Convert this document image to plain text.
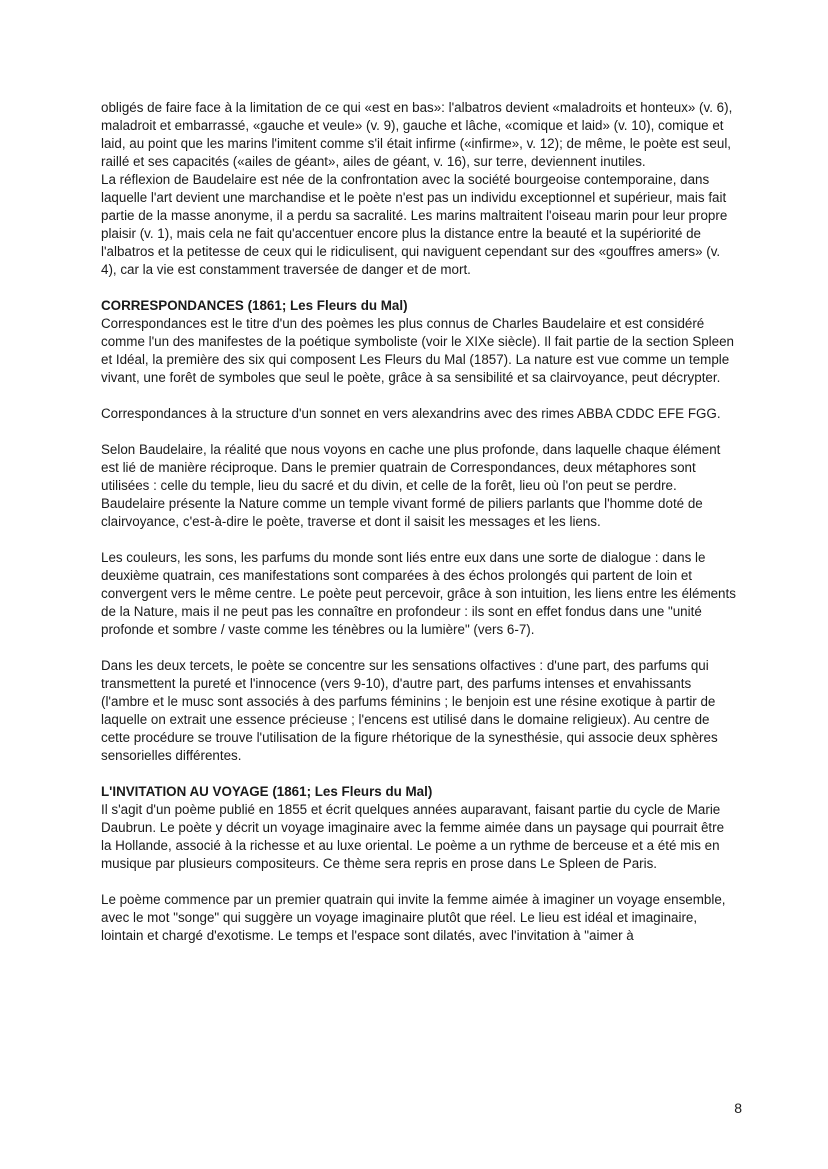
obligés de faire face à la limitation de ce qui «est en bas»: l'albatros devient «maladroits et honteux» (v. 6), maladroit et embarrassé, «gauche et veule» (v. 9), gauche et lâche, «comique et laid» (v. 10), comique et laid, au point que les marins l'imitent comme s'il était infirme («infirme», v. 12); de même, le poète est seul, raillé et ses capacités («ailes de géant», ailes de géant, v. 16), sur terre, deviennent inutiles.

La réflexion de Baudelaire est née de la confrontation avec la société bourgeoise contemporaine, dans laquelle l'art devient une marchandise et le poète n'est pas un individu exceptionnel et supérieur, mais fait partie de la masse anonyme, il a perdu sa sacralité. Les marins maltraitent l'oiseau marin pour leur propre plaisir (v. 1), mais cela ne fait qu'accentuer encore plus la distance entre la beauté et la supériorité de l'albatros et la petitesse de ceux qui le ridiculisent, qui naviguent cependant sur des «gouffres amers» (v. 4), car la vie est constamment traversée de danger et de mort.

CORRESPONDANCES (1861; Les Fleurs du Mal)

Correspondances est le titre d'un des poèmes les plus connus de Charles Baudelaire et est considéré comme l'un des manifestes de la poétique symboliste (voir le XIXe siècle). Il fait partie de la section Spleen et Idéal, la première des six qui composent Les Fleurs du Mal (1857). La nature est vue comme un temple vivant, une forêt de symboles que seul le poète, grâce à sa sensibilité et sa clairvoyance, peut décrypter.

Correspondances à la structure d'un sonnet en vers alexandrins avec des rimes ABBA CDDC EFE FGG.

Selon Baudelaire, la réalité que nous voyons en cache une plus profonde, dans laquelle chaque élément est lié de manière réciproque. Dans le premier quatrain de Correspondances, deux métaphores sont utilisées : celle du temple, lieu du sacré et du divin, et celle de la forêt, lieu où l'on peut se perdre. Baudelaire présente la Nature comme un temple vivant formé de piliers parlants que l'homme doté de clairvoyance, c'est-à-dire le poète, traverse et dont il saisit les messages et les liens.

Les couleurs, les sons, les parfums du monde sont liés entre eux dans une sorte de dialogue : dans le deuxième quatrain, ces manifestations sont comparées à des échos prolongés qui partent de loin et convergent vers le même centre. Le poète peut percevoir, grâce à son intuition, les liens entre les éléments de la Nature, mais il ne peut pas les connaître en profondeur : ils sont en effet fondus dans une "unité profonde et sombre / vaste comme les ténèbres ou la lumière" (vers 6-7).

Dans les deux tercets, le poète se concentre sur les sensations olfactives : d'une part, des parfums qui transmettent la pureté et l'innocence (vers 9-10), d'autre part, des parfums intenses et envahissants (l'ambre et le musc sont associés à des parfums féminins ; le benjoin est une résine exotique à partir de laquelle on extrait une essence précieuse ; l'encens est utilisé dans le domaine religieux). Au centre de cette procédure se trouve l'utilisation de la figure rhétorique de la synesthésie, qui associe deux sphères sensorielles différentes.

L'INVITATION AU VOYAGE (1861; Les Fleurs du Mal)

Il s'agit d'un poème publié en 1855 et écrit quelques années auparavant, faisant partie du cycle de Marie Daubrun. Le poète y décrit un voyage imaginaire avec la femme aimée dans un paysage qui pourrait être la Hollande, associé à la richesse et au luxe oriental. Le poème a un rythme de berceuse et a été mis en musique par plusieurs compositeurs. Ce thème sera repris en prose dans Le Spleen de Paris.

Le poème commence par un premier quatrain qui invite la femme aimée à imaginer un voyage ensemble, avec le mot "songe" qui suggère un voyage imaginaire plutôt que réel. Le lieu est idéal et imaginaire, lointain et chargé d'exotisme. Le temps et l'espace sont dilatés, avec l'invitation à "aimer à

8
